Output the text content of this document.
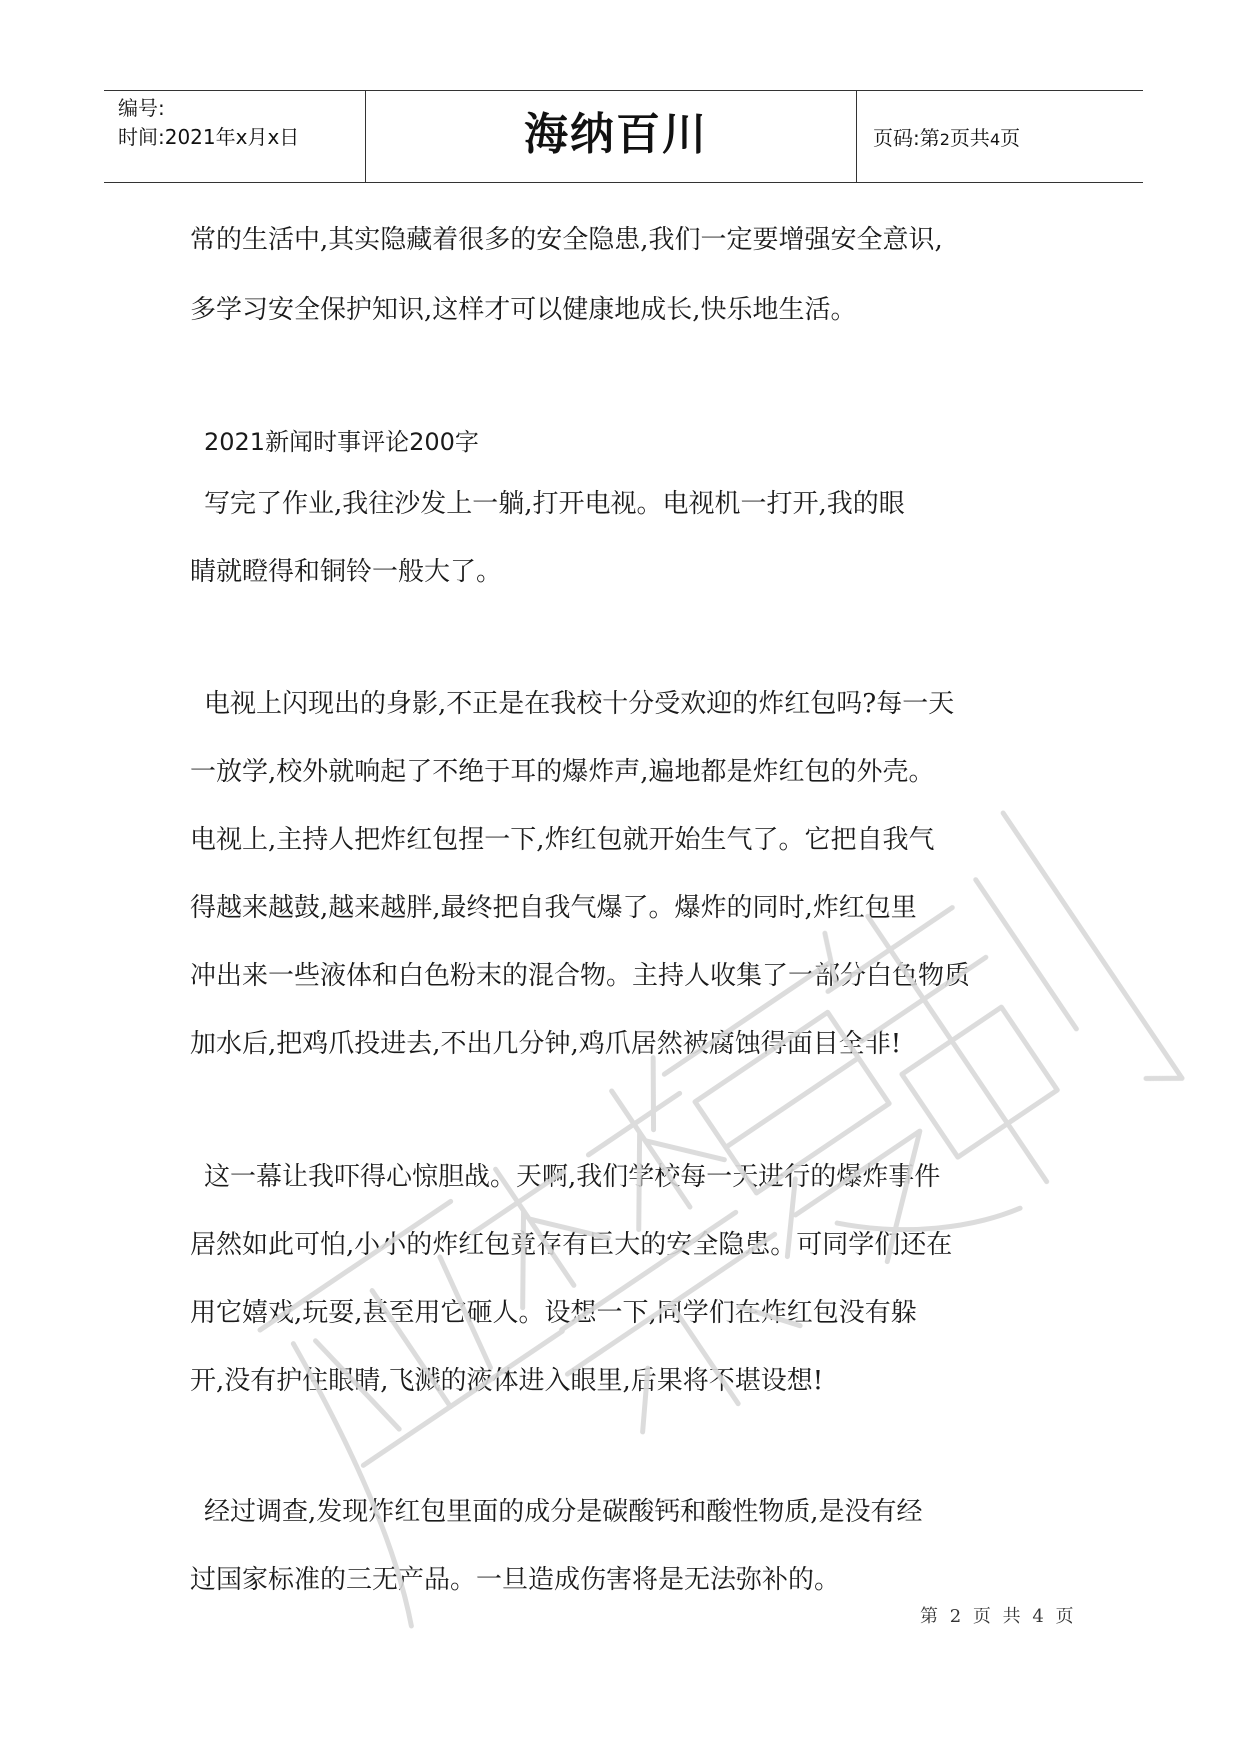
编号:
时间:2021年x月x日	海纳百川	页码:第2页共4页
常的生活中,其实隐藏着很多的安全隐患,我们一定要增强安全意识,
多学习安全保护知识,这样才可以健康地成长,快乐地生活。
2021新闻时事评论200字
写完了作业,我往沙发上一躺,打开电视。电视机一打开,我的眼
睛就瞪得和铜铃一般大了。
电视上闪现出的身影,不正是在我校十分受欢迎的炸红包吗?每一天
一放学,校外就响起了不绝于耳的爆炸声,遍地都是炸红包的外壳。
电视上,主持人把炸红包捏一下,炸红包就开始生气了。它把自我气
得越来越鼓,越来越胖,最终把自我气爆了。爆炸的同时,炸红包里
冲出来一些液体和白色粉末的混合物。主持人收集了一部分白色物质
加水后,把鸡爪投进去,不出几分钟,鸡爪居然被腐蚀得面目全非!
这一幕让我吓得心惊胆战。天啊,我们学校每一天进行的爆炸事件
居然如此可怕,小小的炸红包竟存有巨大的安全隐患。可同学们还在
用它嬉戏,玩耍,甚至用它砸人。设想一下,同学们在炸红包没有躲
开,没有护住眼睛,飞溅的液体进入眼里,后果将不堪设想!
经过调查,发现炸红包里面的成分是碳酸钙和酸性物质,是没有经
过国家标准的三无产品。一旦造成伤害将是无法弥补的。
第 2 页 共 4 页
